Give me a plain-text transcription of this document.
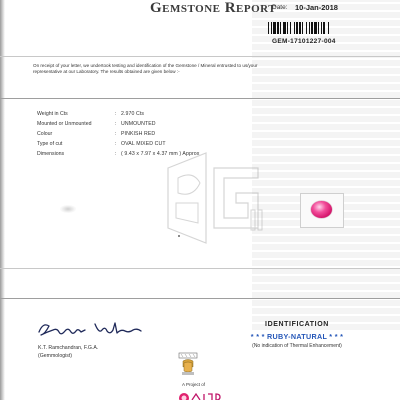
Gemstone Report
Date: 10-Jan-2018
GEM-17101227-004
On receipt of your letter, we undertook testing and identification of the Gemstone / Mineral entrusted to us/your representative at our Laboratory. The results obtained are given below :-
Weight in Cts	: 2.970 Cts
Mounted or Unmounted	: UNMOUNTED
Colour	: PINKISH RED
Type of cut	: OVAL MIXED CUT
Dimensions	: ( 9.43 x 7.97 x 4.37 mm ) Approx
K.T. Ramchandran, F.G.A.
(Gemmologist)
IDENTIFICATION
* * * RUBY-NATURAL * * *
(No indication of Thermal Enhancement)
A Project of
